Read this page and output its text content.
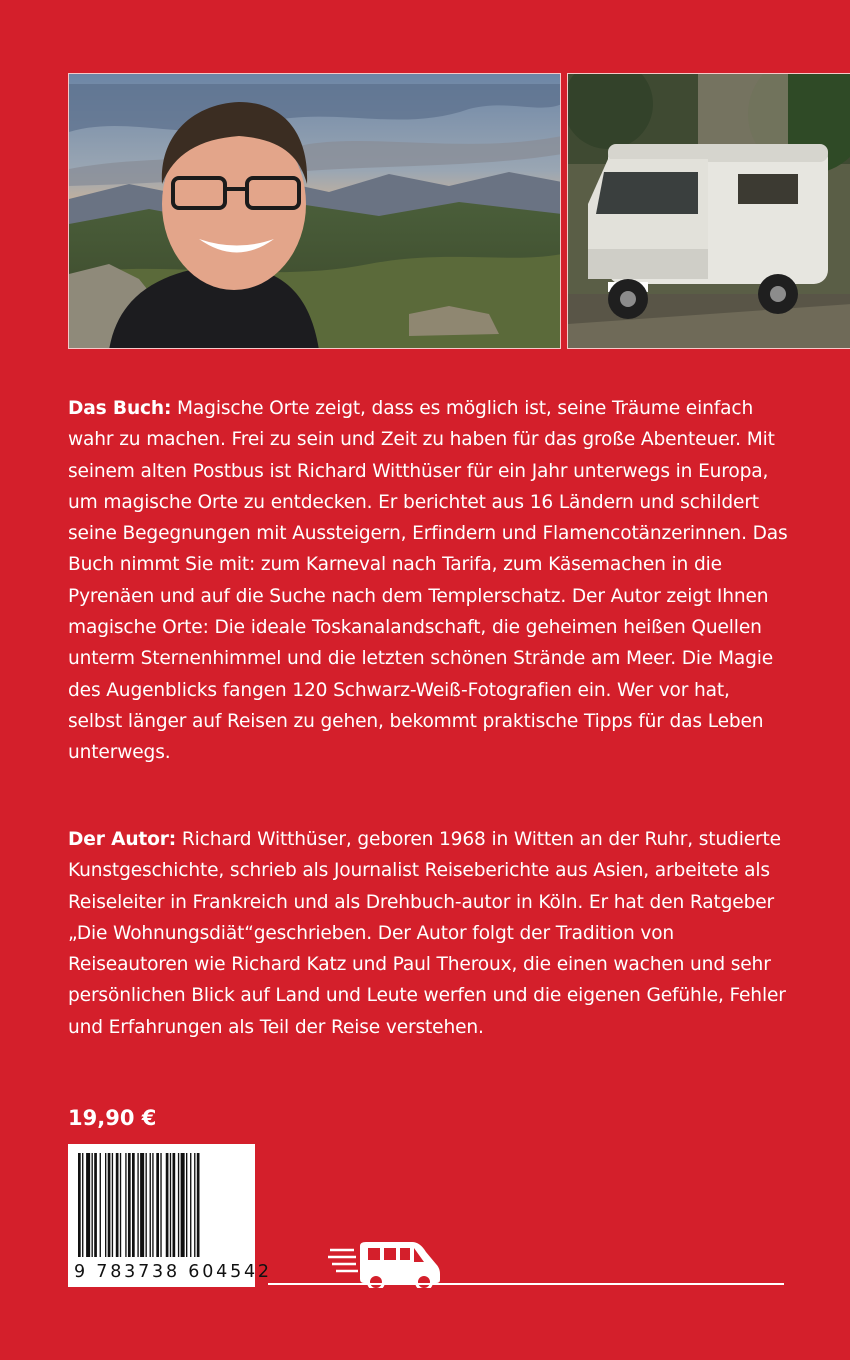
Das Buch: Magische Orte zeigt, dass es möglich ist, seine Träume einfach wahr zu machen. Frei zu sein und Zeit zu haben für das große Abenteuer. Mit seinem alten Postbus ist Richard Witthüser für ein Jahr unterwegs in Europa, um magische Orte zu entdecken. Er berichtet aus 16 Ländern und schildert seine Begegnungen mit Aussteigern, Erfindern und Flamencotänzerinnen. Das Buch nimmt Sie mit: zum Karneval nach Tarifa, zum Käsemachen in die Pyrenäen und auf die Suche nach dem Templerschatz. Der Autor zeigt Ihnen magische Orte: Die ideale Toskanalandschaft, die geheimen heißen Quellen unterm Sternenhimmel und die letzten schönen Strände am Meer. Die Magie des Augenblicks fangen 120 Schwarz-Weiß-Fotografien ein. Wer vor hat, selbst länger auf Reisen zu gehen, bekommt praktische Tipps für das Leben unterwegs.
Der Autor: Richard Witthüser, geboren 1968 in Witten an der Ruhr, studierte Kunstgeschichte, schrieb als Journalist Reiseberichte aus Asien, arbeitete als Reiseleiter in Frankreich und als Drehbuch-autor in Köln. Er hat den Ratgeber „Die Wohnungsdiät“geschrieben. Der Autor folgt der Tradition von Reiseautoren wie Richard Katz und Paul Theroux, die einen wachen und sehr persönlichen Blick auf Land und Leute werfen und die eigenen Gefühle, Fehler und Erfahrungen als Teil der Reise verstehen.
19,90 €
9 783738 604542
